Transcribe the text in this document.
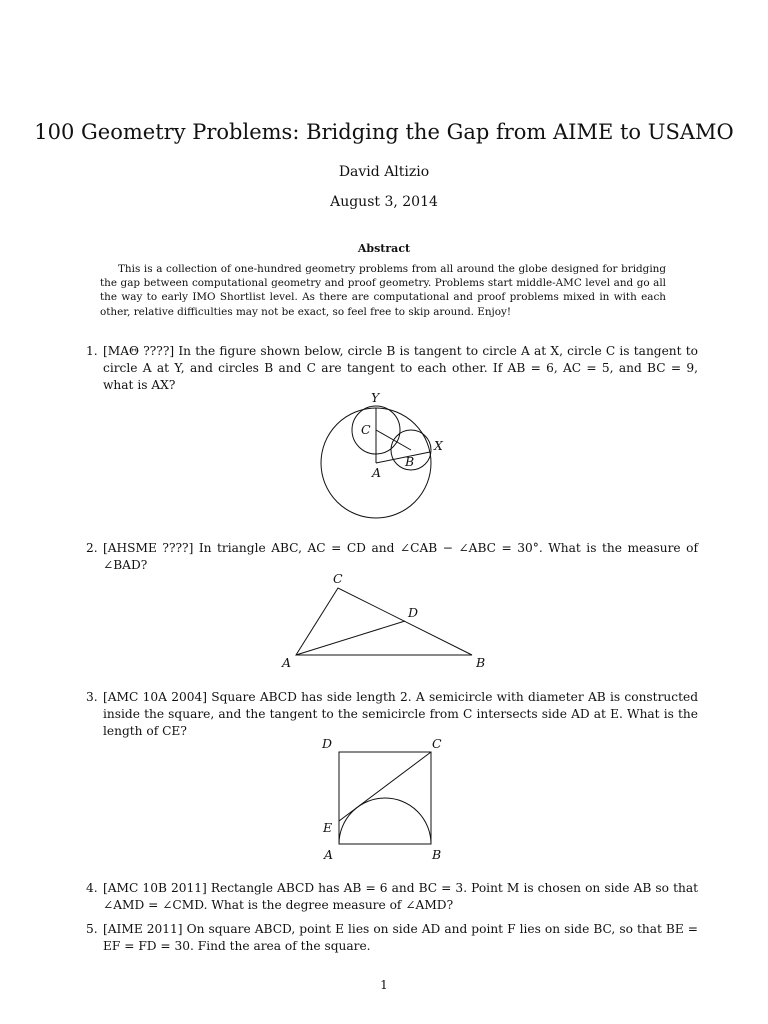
100 Geometry Problems: Bridging the Gap from AIME to USAMO
David Altizio
August 3, 2014
Abstract
This is a collection of one-hundred geometry problems from all around the globe designed for bridging the gap between computational geometry and proof geometry. Problems start middle-AMC level and go all the way to early IMO Shortlist level. As there are computational and proof problems mixed in with each other, relative difficulties may not be exact, so feel free to skip around. Enjoy!
1. [MAΘ ????] In the figure shown below, circle B is tangent to circle A at X, circle C is tangent to circle A at Y, and circles B and C are tangent to each other. If AB = 6, AC = 5, and BC = 9, what is AX?
Y
C
X
B
A
2. [AHSME ????] In triangle ABC, AC = CD and ∠CAB − ∠ABC = 30°. What is the measure of ∠BAD?
C
D
A	B
3. [AMC 10A 2004] Square ABCD has side length 2. A semicircle with diameter AB is constructed inside the square, and the tangent to the semicircle from C intersects side AD at E. What is the length of CE?
D	C
E
A	B
4. [AMC 10B 2011] Rectangle ABCD has AB = 6 and BC = 3. Point M is chosen on side AB so that ∠AMD = ∠CMD. What is the degree measure of ∠AMD?
5. [AIME 2011] On square ABCD, point E lies on side AD and point F lies on side BC, so that BE = EF = FD = 30. Find the area of the square.
1
